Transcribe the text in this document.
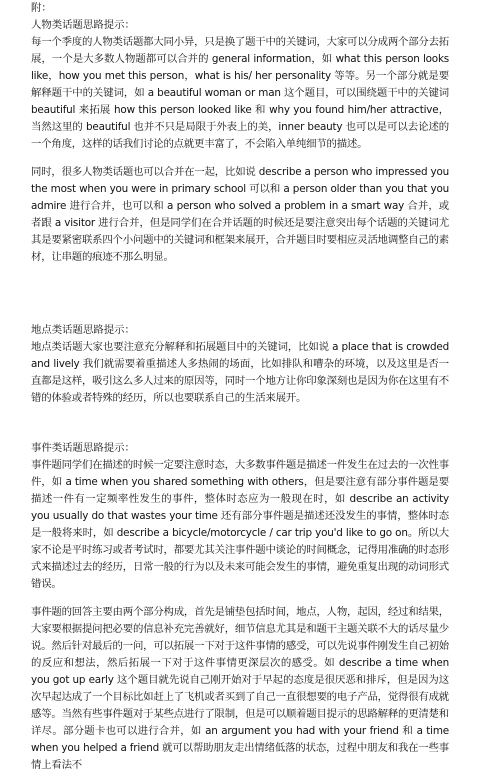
附：

人物类话题思路提示：

每一个季度的人物类话题都大同小异，只是换了题干中的关键词，大家可以分成两个部分去拓展，一个是大多数人物题都可以合并的 general information，如 what this person looks like，how you met this person，what is his/ her personality 等等。另一个部分就是要解释题干中的关键词，如 a beautiful woman or man 这个题目，可以围绕题干中的关键词 beautiful 来拓展 how this person looked like 和 why you found him/her attractive，当然这里的 beautiful 也并不只是局限于外表上的美，inner beauty 也可以是可以去论述的一个角度，这样的话我们讨论的点就更丰富了，不会陷入单纯细节的描述。

同时，很多人物类话题也可以合并在一起，比如说 describe a person who impressed you the most when you were in primary school 可以和 a person older than you that you admire 进行合并，也可以和 a person who solved a problem in a smart way 合并，或者跟 a visitor 进行合并，但是同学们在合并话题的时候还是要注意突出每个话题的关键词尤其是要紧密联系四个小问题中的关键词和框架来展开，合并题目时要相应灵活地调整自己的素材，让串题的痕迹不那么明显。

地点类话题思路提示：

地点类话题大家也要注意充分解释和拓展题目中的关键词，比如说 a place that is crowded and lively 我们就需要着重描述人多热闹的场面，比如排队和嘈杂的环境，以及这里是否一直都是这样，吸引这么多人过来的原因等，同时一个地方让你印象深刻也是因为你在这里有不错的体验或者特殊的经历，所以也要联系自己的生活来展开。

事件类话题思路提示：

事件题同学们在描述的时候一定要注意时态，大多数事件题是描述一件发生在过去的一次性事件，如 a time when you shared something with others，但是要注意有部分事件题是要描述一件有一定频率性发生的事件，整体时态应为一般现在时，如 describe an activity you usually do that wastes your time 还有部分事件题是描述还没发生的事情，整体时态是一般将来时，如 describe a bicycle/motorcycle / car trip you'd like to go on。所以大家不论是平时练习或者考试时，都要尤其关注事件题中谈论的时间概念，记得用准确的时态形式来描述过去的经历，日常一般的行为以及未来可能会发生的事情，避免重复出现的动词形式错误。

事件题的回答主要由两个部分构成，首先是铺垫包括时间，地点，人物，起因，经过和结果，大家要根据提问把必要的信息补充完善就好，细节信息尤其是和题干主题关联不大的话尽量少说。然后针对最后的一问，可以拓展一下对于这件事情的感受，可以先说事件刚发生自己初始的反应和想法，然后拓展一下对于这件事情更深层次的感受。如 describe a time when you got up early 这个题目就先说自己刚开始对于早起的态度是很厌恶和排斥，但是因为这次早起达成了一个目标比如赶上了飞机或者买到了自己一直很想要的电子产品，觉得很有成就感等。当然有些事件题对于某些点进行了限制，但是可以顺着题目提示的思路解释的更清楚和详尽。部分题卡也可以进行合并，如 an argument you had with your friend 和 a time when you helped a friend 就可以帮助朋友走出情绪低落的状态，过程中朋友和我在一些事情上看法不
